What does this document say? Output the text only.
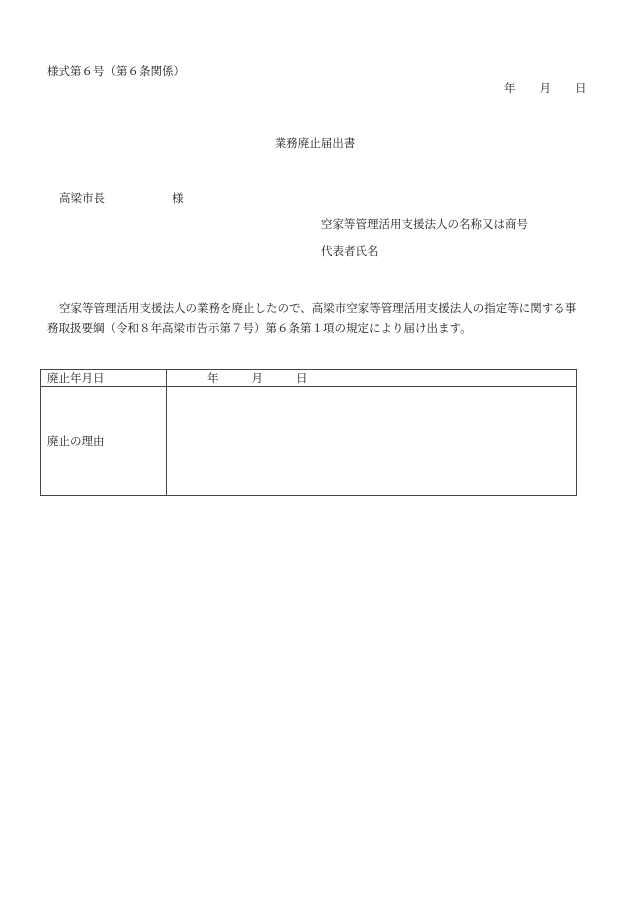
様式第６号（第６条関係）
年 月 日
業務廃止届出書
高梁市長	様
空家等管理活用支援法人の名称又は商号
代表者氏名
空家等管理活用支援法人の業務を廃止したので、高梁市空家等管理活用支援法人の指定等に関する事務取扱要綱（令和８年高梁市告示第７号）第６条第１項の規定により届け出ます。
廃止年月日	年 月 日
廃止の理由	
